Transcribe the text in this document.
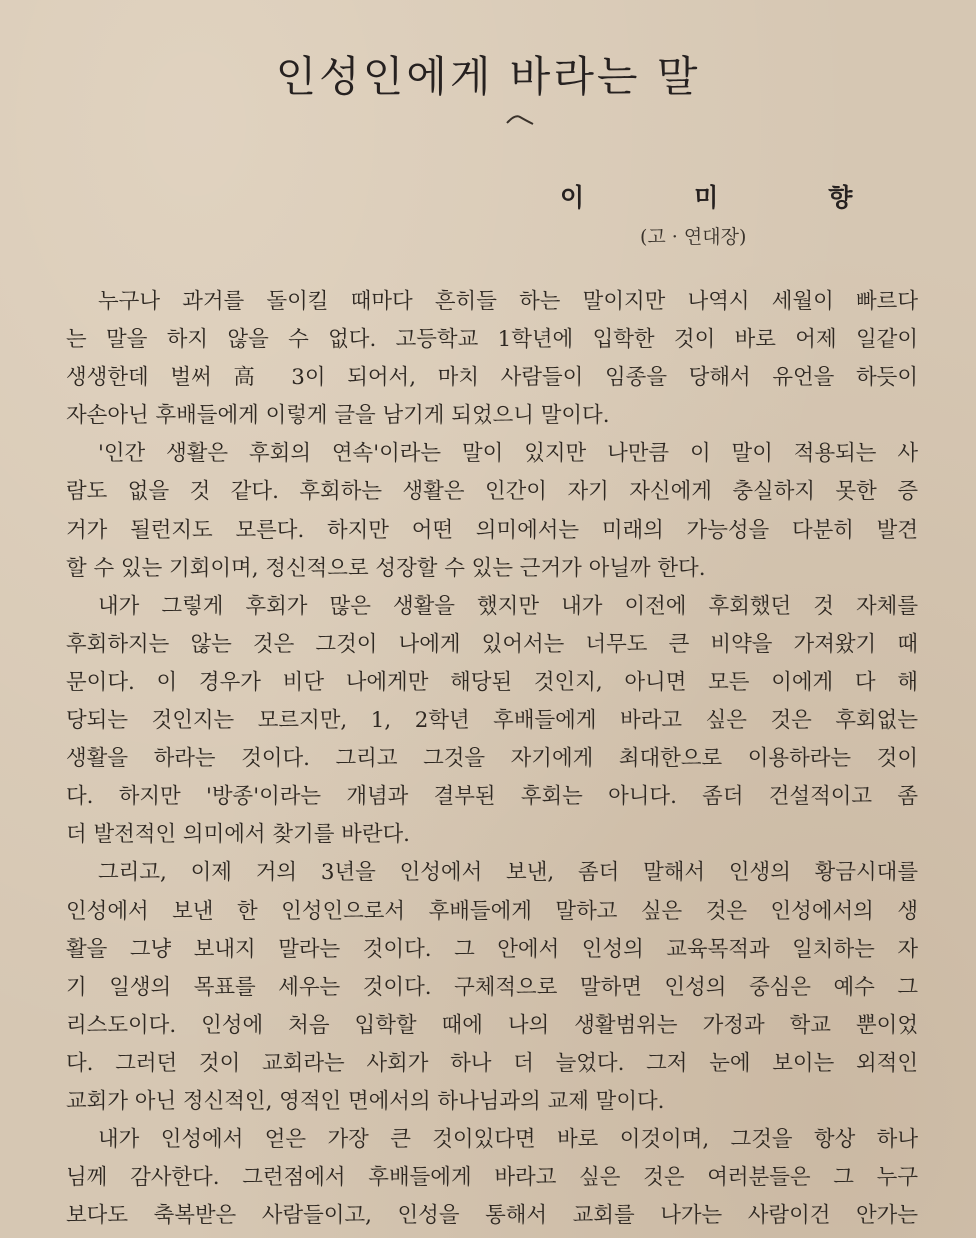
인성인에게 바라는 말
이미향
(고 · 연대장)
누구나 과거를 돌이킬 때마다 흔히들 하는 말이지만 나역시 세월이 빠르다
는 말을 하지 않을 수 없다. 고등학교 1학년에 입학한 것이 바로 어제 일같이
생생한데 벌써 高 3이 되어서, 마치 사람들이 임종을 당해서 유언을 하듯이
자손아닌 후배들에게 이렇게 글을 남기게 되었으니 말이다.
'인간 생활은 후회의 연속'이라는 말이 있지만 나만큼 이 말이 적용되는 사
람도 없을 것 같다. 후회하는 생활은 인간이 자기 자신에게 충실하지 못한 증
거가 될런지도 모른다. 하지만 어떤 의미에서는 미래의 가능성을 다분히 발견
할 수 있는 기회이며, 정신적으로 성장할 수 있는 근거가 아닐까 한다.
내가 그렇게 후회가 많은 생활을 했지만 내가 이전에 후회했던 것 자체를
후회하지는 않는 것은 그것이 나에게 있어서는 너무도 큰 비약을 가져왔기 때
문이다. 이 경우가 비단 나에게만 해당된 것인지, 아니면 모든 이에게 다 해
당되는 것인지는 모르지만, 1, 2학년 후배들에게 바라고 싶은 것은 후회없는
생활을 하라는 것이다. 그리고 그것을 자기에게 최대한으로 이용하라는 것이
다. 하지만 '방종'이라는 개념과 결부된 후회는 아니다. 좀더 건설적이고 좀
더 발전적인 의미에서 찾기를 바란다.
그리고, 이제 거의 3년을 인성에서 보낸, 좀더 말해서 인생의 황금시대를
인성에서 보낸 한 인성인으로서 후배들에게 말하고 싶은 것은 인성에서의 생
활을 그냥 보내지 말라는 것이다. 그 안에서 인성의 교육목적과 일치하는 자
기 일생의 목표를 세우는 것이다. 구체적으로 말하면 인성의 중심은 예수 그
리스도이다. 인성에 처음 입학할 때에 나의 생활범위는 가정과 학교 뿐이었
다. 그러던 것이 교회라는 사회가 하나 더 늘었다. 그저 눈에 보이는 외적인
교회가 아닌 정신적인, 영적인 면에서의 하나님과의 교제 말이다.
내가 인성에서 얻은 가장 큰 것이있다면 바로 이것이며, 그것을 항상 하나
님께 감사한다. 그런점에서 후배들에게 바라고 싶은 것은 여러분들은 그 누구
보다도 축복받은 사람들이고, 인성을 통해서 교회를 나가는 사람이건 안가는
